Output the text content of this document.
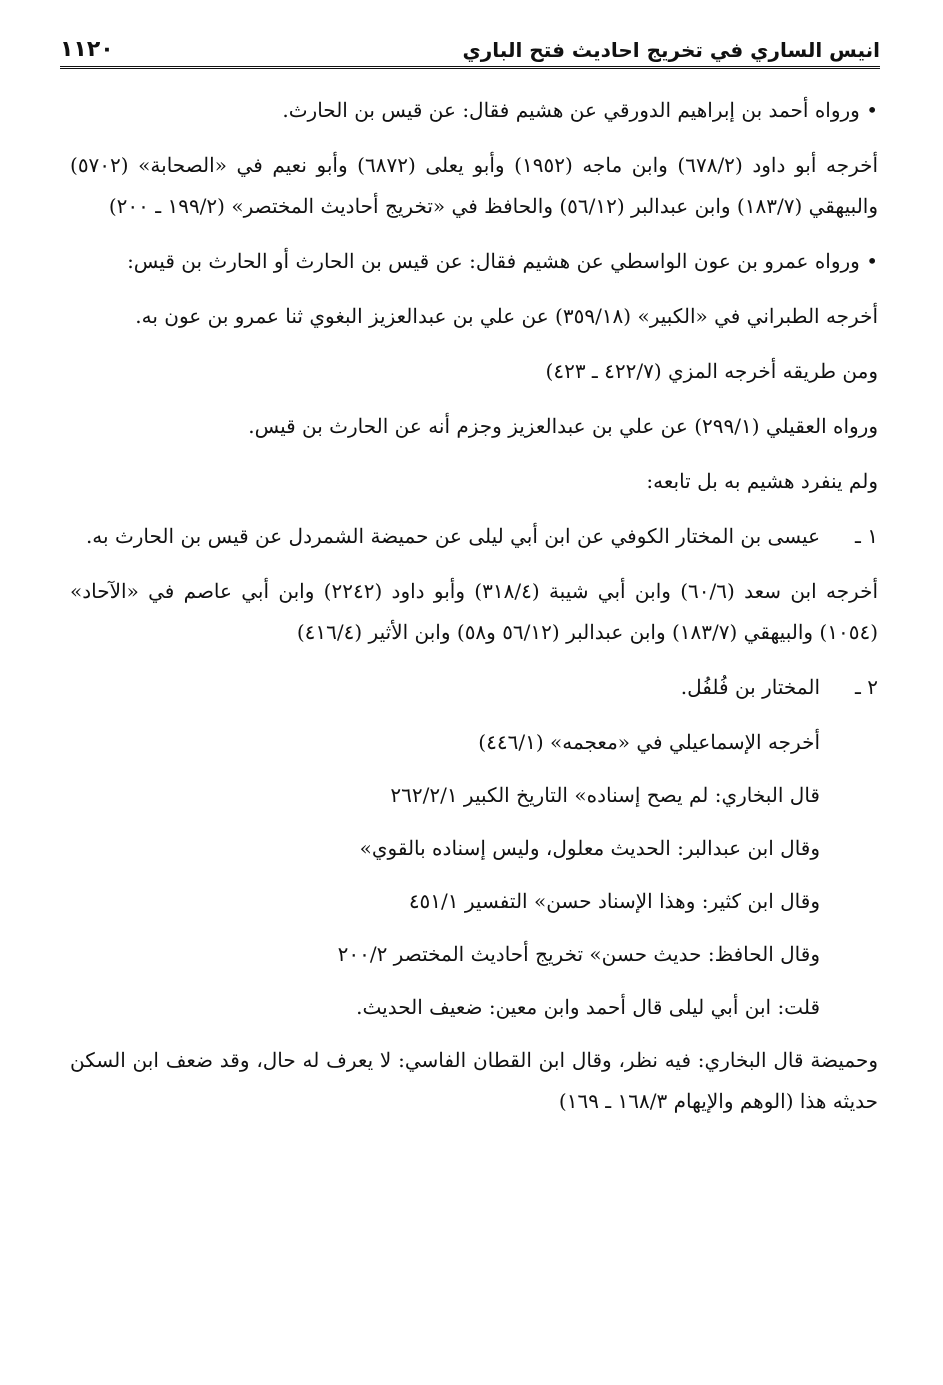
١١٢٠	انيس الساري في تخريج احاديث فتح الباري

• ورواه أحمد بن إبراهيم الدورقي عن هشيم فقال: عن قيس بن الحارث.

أخرجه أبو داود (٦٧٨/٢) وابن ماجه (١٩٥٢) وأبو يعلى (٦٨٧٢) وأبو نعيم في «الصحابة» (٥٧٠٢) والبيهقي (١٨٣/٧) وابن عبدالبر (٥٦/١٢) والحافظ في «تخريج أحاديث المختصر» (١٩٩/٢ ـ ٢٠٠)

• ورواه عمرو بن عون الواسطي عن هشيم فقال: عن قيس بن الحارث أو الحارث بن قيس:

أخرجه الطبراني في «الكبير» (٣٥٩/١٨) عن علي بن عبدالعزيز البغوي ثنا عمرو بن عون به.

ومن طريقه أخرجه المزي (٤٢٢/٧ ـ ٤٢٣)

ورواه العقيلي (٢٩٩/١) عن علي بن عبدالعزيز وجزم أنه عن الحارث بن قيس.

ولم ينفرد هشيم به بل تابعه:

١ ـ
عيسى بن المختار الكوفي عن ابن أبي ليلى عن حميضة الشمردل عن قيس بن الحارث به.

أخرجه ابن سعد (٦٠/٦) وابن أبي شيبة (٣١٨/٤) وأبو داود (٢٢٤٢) وابن أبي عاصم في «الآحاد» (١٠٥٤) والبيهقي (١٨٣/٧) وابن عبدالبر (٥٦/١٢ و٥٨) وابن الأثير (٤١٦/٤)

٢ ـ
المختار بن فُلفُل.

أخرجه الإسماعيلي في «معجمه» (٤٤٦/١)

قال البخاري: لم يصح إسناده» التاريخ الكبير ٢٦٢/٢/١

وقال ابن عبدالبر: الحديث معلول، وليس إسناده بالقوي»

وقال ابن كثير: وهذا الإسناد حسن» التفسير ٤٥١/١

وقال الحافظ: حديث حسن» تخريج أحاديث المختصر ٢٠٠/٢

قلت: ابن أبي ليلى قال أحمد وابن معين: ضعيف الحديث.

وحميضة قال البخاري: فيه نظر، وقال ابن القطان الفاسي: لا يعرف له حال، وقد ضعف ابن السكن حديثه هذا (الوهم والإيهام ١٦٨/٣ ـ ١٦٩)
